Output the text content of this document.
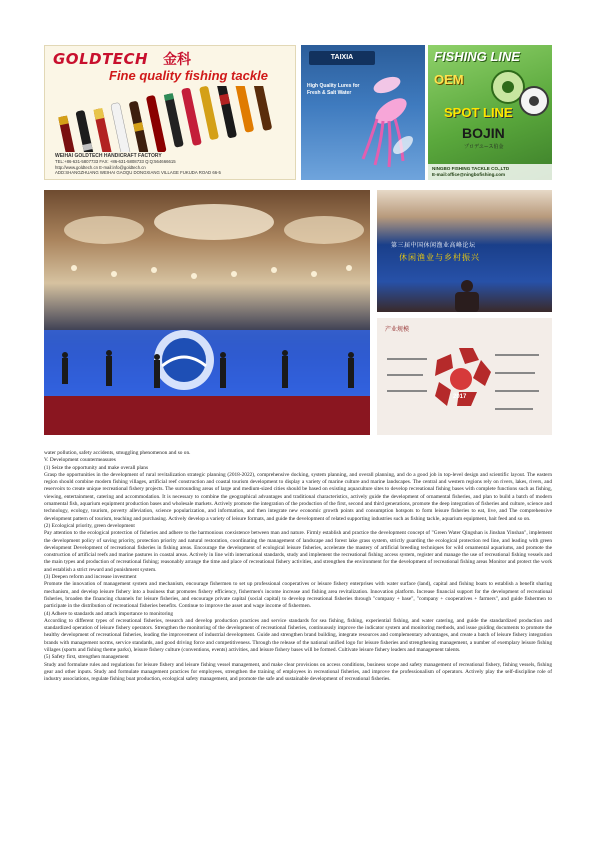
GOLDTECH 金科
Fine quality fishing tackle
WEIHAI GOLDTECH HANDICRAFT FACTORY
TEL:+86-631-5807733 FAX: +86-631-5808733 Q:Q:564666615
http://www.goldtech.cn E-mail:info@goldtech.cn
ADD:SHANGZHUANG WEIHAI GAOQU DONGXIANG VILLAGE FUKUDA ROAD 66-5
TAIXIA
High Quality Lures for Fresh & Salt Water
FISHING LINE
OEM
SPOT LINE
BOJIN
プロデユース伯金
NINGBO FISHING TACKLE CO.,LTD
E-mail:office@ningbofishing.com
第三届中国休闲渔业高峰论坛
休闲渔业与乡村振兴
产业规模
2017

water pollution, safety accidents, smuggling phenomenon and so on.

V. Development countermeasures

(1) Seize the opportunity and make overall plans

Grasp the opportunities in the development of rural revitalization strategic planning (2018-2022), comprehensive docking, system planning, and overall planning, and do a good job in top-level design and scientific layout. The eastern region should combine modern fishing villages, artificial reef construction and coastal tourism development to display a variety of marine culture and marine landscapes. The central and western regions rely on rivers, lakes, rivers, and reservoirs to create unique recreational fishery projects. The surrounding areas of large and medium-sized cities should be based on existing aquaculture sites to develop recreational fishing bases with complete functions such as fishing, viewing, entertainment, catering and accommodation. It is necessary to combine the geographical advantages and traditional characteristics, actively guide the development of ornamental fisheries, and plan to build a batch of modern ornamental fish, aquarium equipment production bases and wholesale markets. Actively promote the integration of the production of the first, second and third generations, promote the deep integration of fisheries and culture, science and technology, ecology, tourism, poverty alleviation, science popularization, and information, and then integrate new economic growth points and consumption hotspots to form leisure fisheries to eat, live, and The comprehensive development pattern of tourism, teaching and purchasing. Actively develop a variety of leisure formats, and guide the development of related supporting industries such as fishing tackle, aquarium equipment, bait feed and so on.

(2) Ecological priority, green development

Pay attention to the ecological protection of fisheries and adhere to the harmonious coexistence between man and nature. Firmly establish and practice the development concept of "Green Water Qingshan is Jinshan Yinshan", implement the development policy of saving priority, protection priority and natural restoration, coordinating the management of landscape and forest lake grass system, strictly guarding the ecological protection red line, and leading with green development Development of recreational fisheries in fishing areas. Encourage the development of ecological leisure fisheries, accelerate the mastery of artificial breeding techniques for wild ornamental aquariums, and promote the construction of artificial reefs and marine pastures in coastal areas. Actively in line with international standards, study and implement the recreational fishing access system, register and manage the use of recreational fishing vessels and the main types and production of recreational fishing; reasonably arrange the time and place of recreational fishery activities, and strengthen the environment for the development of recreational fishing areas Monitor and protect the work and establish a strict reward and punishment system.

(3) Deepen reform and increase investment

Promote the innovation of management system and mechanism, encourage fishermen to set up professional cooperatives or leisure fishery enterprises with water surface (land), capital and fishing boats to establish a benefit sharing mechanism, and develop leisure fishery into a business that promotes fishery efficiency, fishermen's income increase and fishing area revitalization. Innovation platform. Increase financial support for the development of recreational fisheries, broaden the financing channels for leisure fisheries, and encourage private capital (social capital) to develop recreational fisheries through "company + base", "company + cooperatives + farmers", and guide fishermen to participate in the distribution of recreational fisheries benefits. Continue to improve the asset and wage income of fishermen.

(4) Adhere to standards and attach importance to monitoring

According to different types of recreational fisheries, research and develop production practices and service standards for sea fishing, fishing, experiential fishing, and water catering, and guide the standardized production and standardized operation of leisure fishery operators. Strengthen the monitoring of the development of recreational fisheries, continuously improve the indicator system and monitoring methods, and issue guiding documents to promote the healthy development of recreational fisheries, leading the improvement of industrial development. Guide and strengthen brand building, integrate resources and complementary advantages, and create a batch of leisure fishery integration brands with management norms, service standards, and good driving force and competitiveness. Through the release of the national unified logo for leisure fisheries and strengthening management, a number of exemplary leisure fishing villages (sports and fishing theme parks), leisure fishery culture (conventions, events) activities, and leisure fishery bases will be formed. Cultivate leisure fishery leaders and management talents.

(5) Safety first, strengthen management

Study and formulate rules and regulations for leisure fishery and leisure fishing vessel management, and make clear provisions on access conditions, business scope and safety management of recreational fishery, fishing vessels, fishing gear and other inputs. Study and formulate management practices for employees, strengthen the training of employees in recreational fisheries, and improve the professionalism of operators. Actively play the self-discipline role of industry associations, regulate fishing boat production, ecological safety management, and promote the safe and sustainable development of recreational fisheries.
